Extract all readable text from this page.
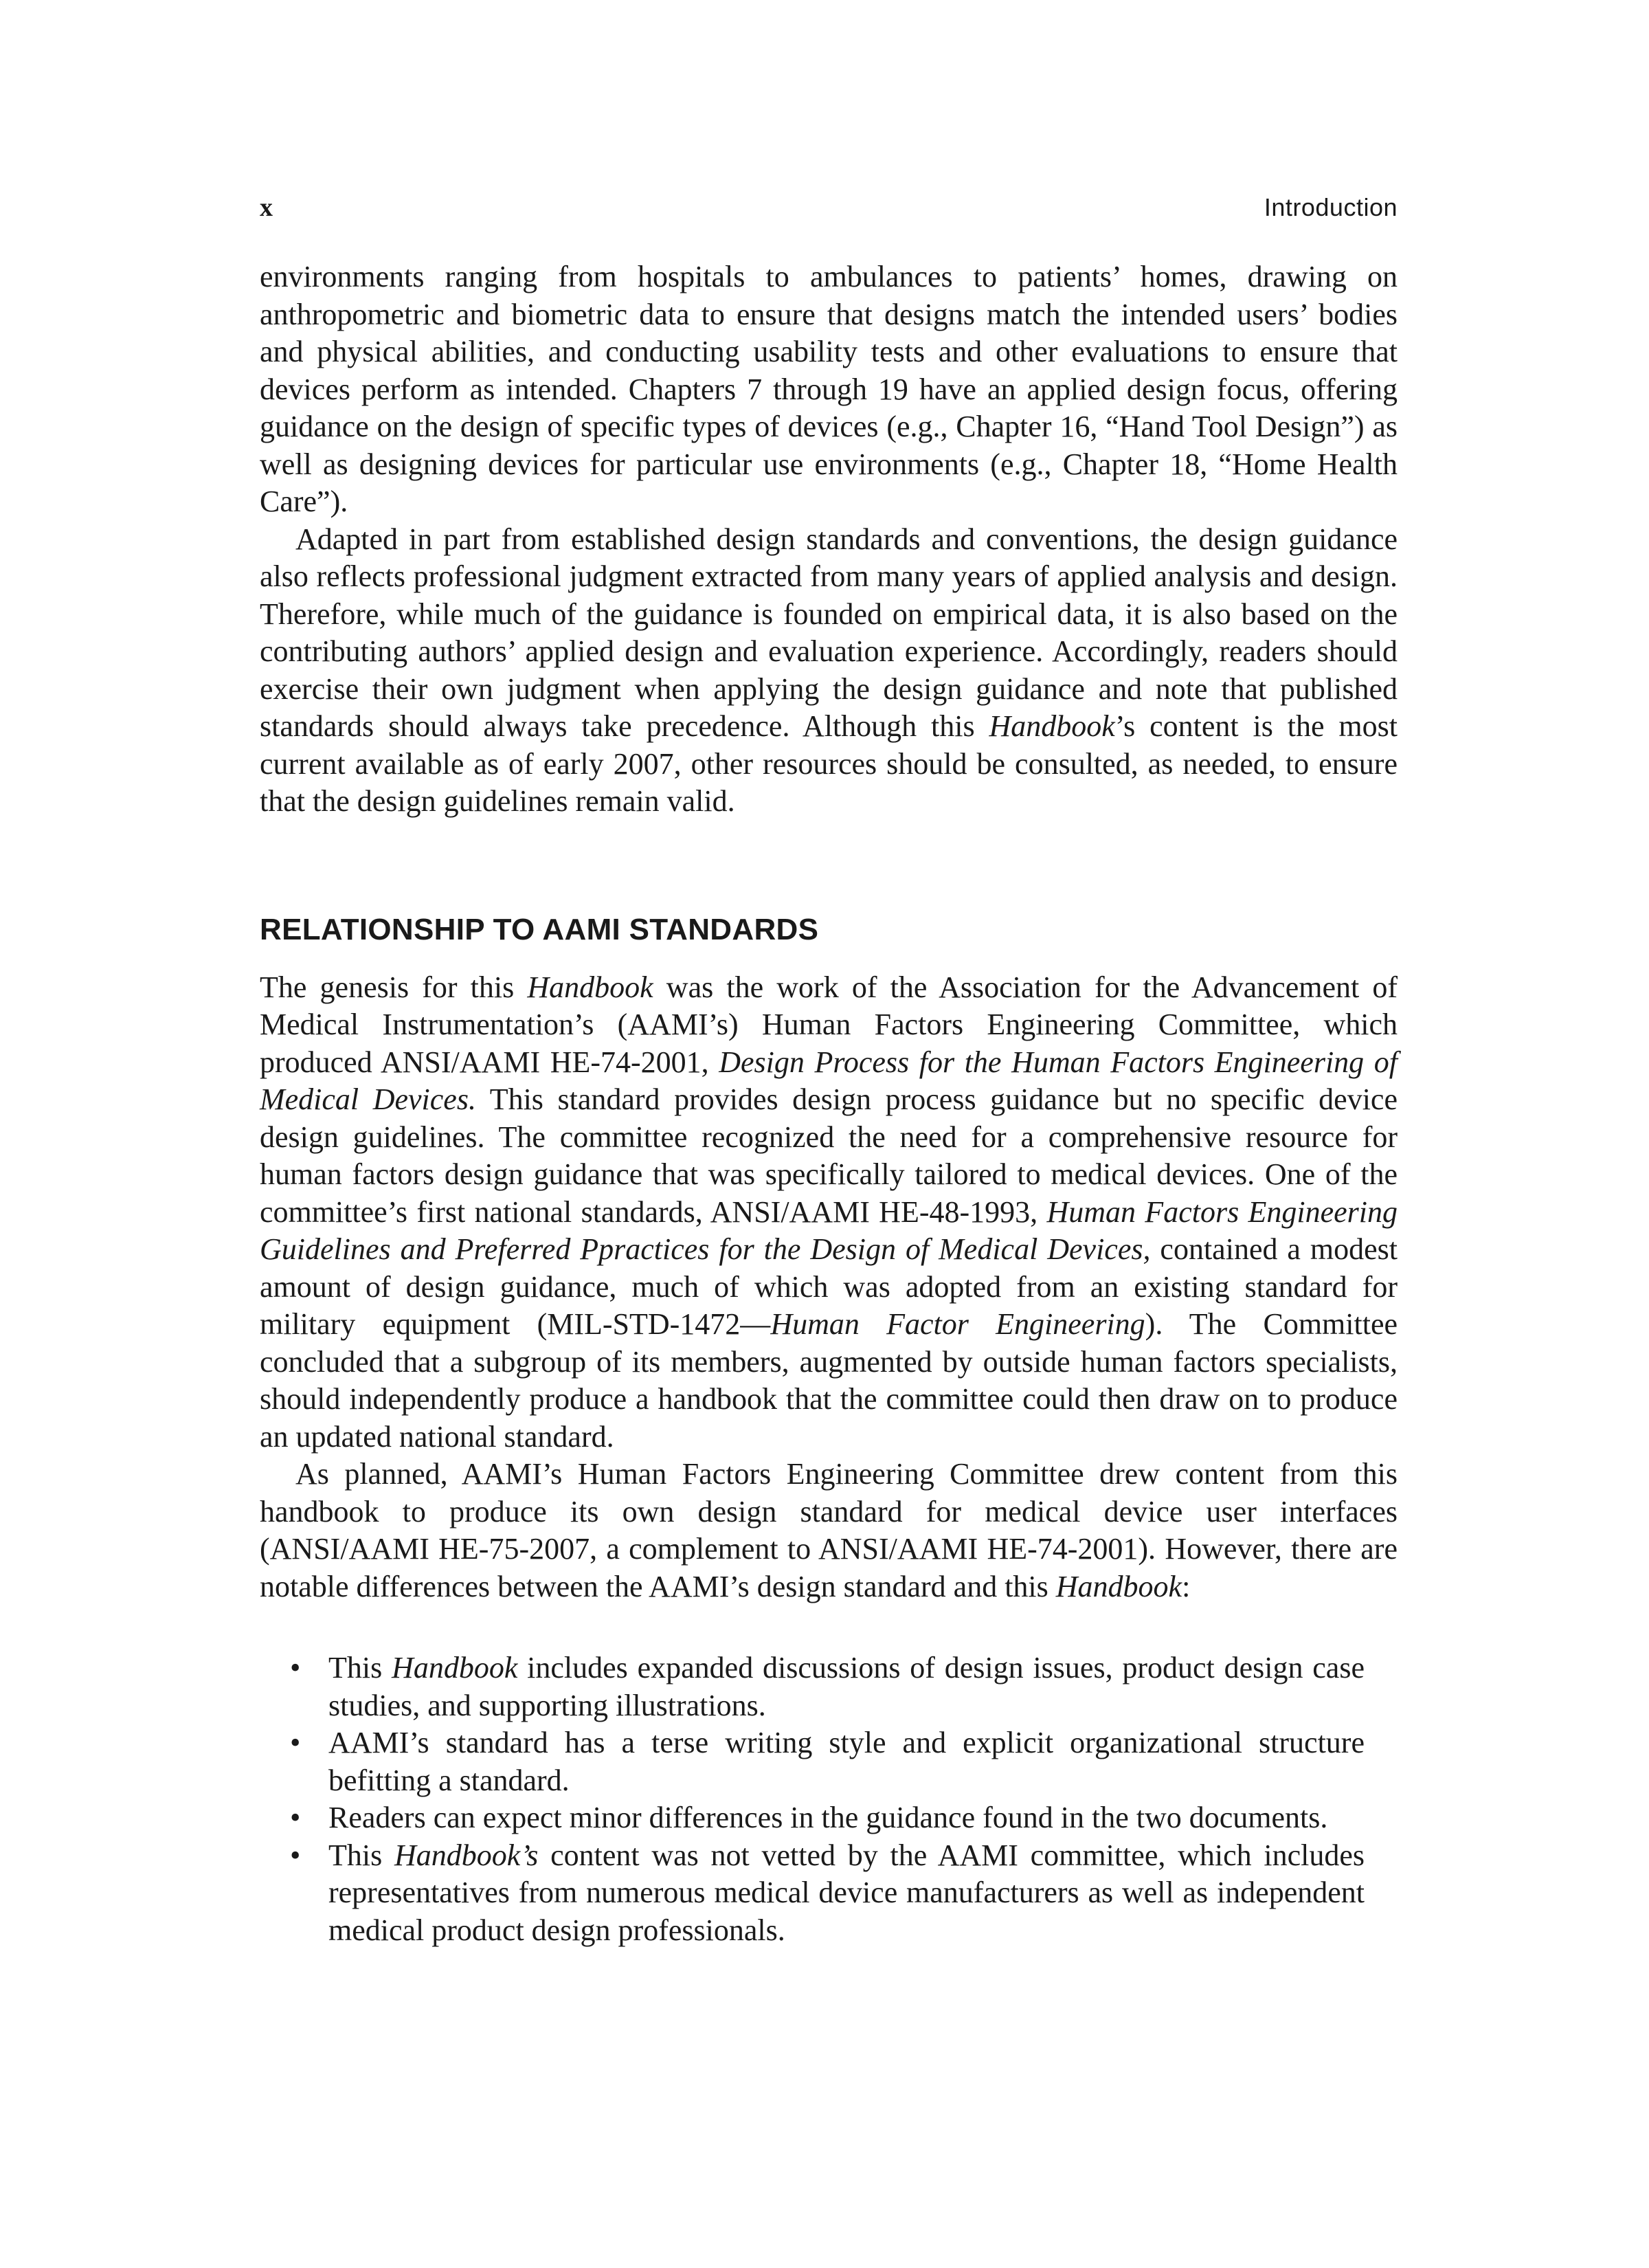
x	Introduction

environments ranging from hospitals to ambulances to patients’ homes, drawing on anthropometric and biometric data to ensure that designs match the intended users’ bodies and physical abilities, and conducting usability tests and other evaluations to ensure that devices perform as intended. Chapters 7 through 19 have an applied design focus, offering guidance on the design of specific types of devices (e.g., Chapter 16, “Hand Tool Design”) as well as designing devices for particular use environments (e.g., Chapter 18, “Home Health Care”).

Adapted in part from established design standards and conventions, the design guidance also reflects professional judgment extracted from many years of applied analysis and design. Therefore, while much of the guidance is founded on empirical data, it is also based on the contributing authors’ applied design and evaluation experience. Accordingly, readers should exercise their own judgment when applying the design guidance and note that published standards should always take precedence. Although this Handbook’s content is the most current available as of early 2007, other resources should be consulted, as needed, to ensure that the design guidelines remain valid.

RELATIONSHIP TO AAMI STANDARDS

The genesis for this Handbook was the work of the Association for the Advancement of Medical Instrumentation’s (AAMI’s) Human Factors Engineering Committee, which produced ANSI/AAMI HE-74-2001, Design Process for the Human Factors Engineering of Medical Devices. This standard provides design process guidance but no specific device design guidelines. The committee recognized the need for a comprehensive resource for human factors design guidance that was specifically tailored to medical devices. One of the committee’s first national standards, ANSI/AAMI HE-48-1993, Human Factors Engineering Guidelines and Preferred Ppractices for the Design of Medical Devices, contained a modest amount of design guidance, much of which was adopted from an existing standard for military equipment (MIL-STD-1472—Human Factor Engineering). The Committee concluded that a subgroup of its members, augmented by outside human factors specialists, should independently produce a handbook that the committee could then draw on to produce an updated national standard.

As planned, AAMI’s Human Factors Engineering Committee drew content from this handbook to produce its own design standard for medical device user interfaces (ANSI/AAMI HE-75-2007, a complement to ANSI/AAMI HE-74-2001). However, there are notable differences between the AAMI’s design standard and this Handbook:

• This Handbook includes expanded discussions of design issues, product design case studies, and supporting illustrations.
• AAMI’s standard has a terse writing style and explicit organizational structure befitting a standard.
• Readers can expect minor differences in the guidance found in the two documents.
• This Handbook’s content was not vetted by the AAMI committee, which includes representatives from numerous medical device manufacturers as well as independent medical product design professionals.
